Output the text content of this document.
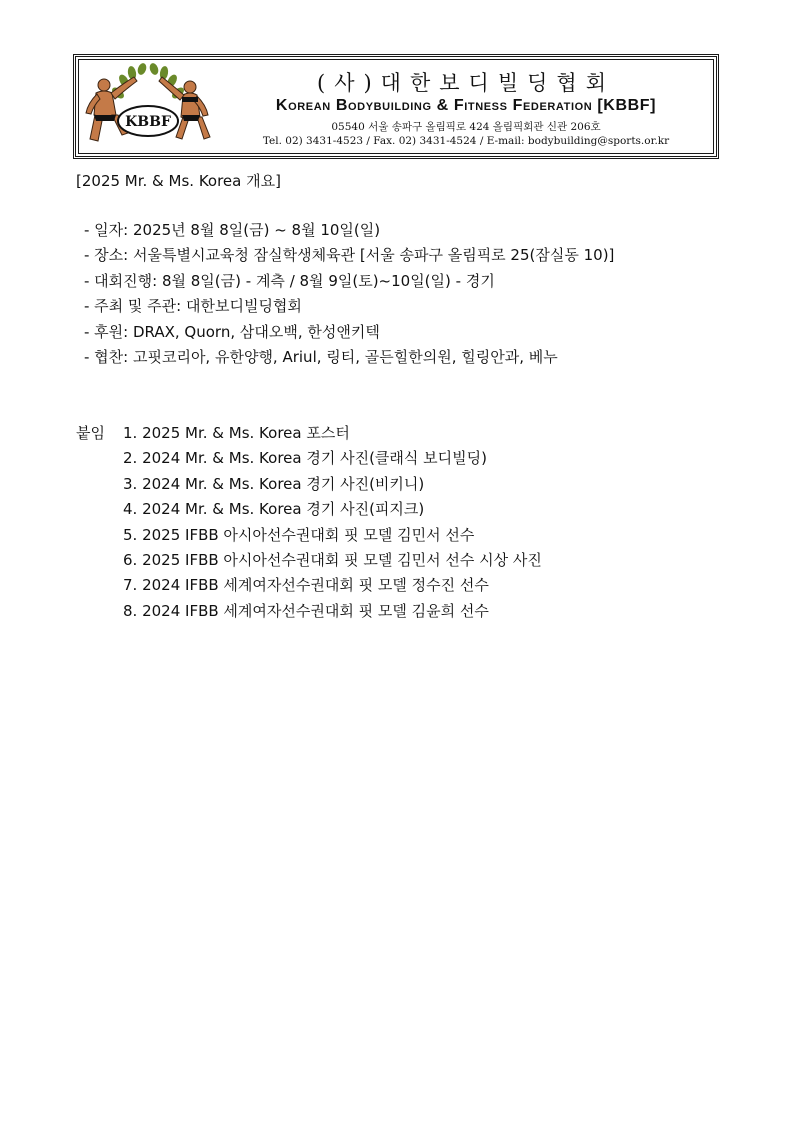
KBBF
(사)대한보디빌딩협회
Korean Bodybuilding & Fitness Federation [KBBF]
05540 서울 송파구 올림픽로 424 올림픽회관 신관 206호
Tel. 02) 3431-4523 / Fax. 02) 3431-4524 / E-mail: bodybuilding@sports.or.kr
[2025 Mr. & Ms. Korea 개요]
- 일자: 2025년 8월 8일(금) ~ 8월 10일(일)
- 장소: 서울특별시교육청 잠실학생체육관 [서울 송파구 올림픽로 25(잠실동 10)]
- 대회진행: 8월 8일(금) - 계측 / 8월 9일(토)~10일(일) - 경기
- 주최 및 주관: 대한보디빌딩협회
- 후원: DRAX, Quorn, 삼대오백, 한성앤키텍
- 협찬: 고핏코리아, 유한양행, Ariul, 링티, 골든힐한의원, 힐링안과, 베누
붙임 1. 2025 Mr. & Ms. Korea 포스터
2. 2024 Mr. & Ms. Korea 경기 사진(클래식 보디빌딩)
3. 2024 Mr. & Ms. Korea 경기 사진(비키니)
4. 2024 Mr. & Ms. Korea 경기 사진(피지크)
5. 2025 IFBB 아시아선수권대회 핏 모델 김민서 선수
6. 2025 IFBB 아시아선수권대회 핏 모델 김민서 선수 시상 사진
7. 2024 IFBB 세계여자선수권대회 핏 모델 정수진 선수
8. 2024 IFBB 세계여자선수권대회 핏 모델 김윤희 선수
